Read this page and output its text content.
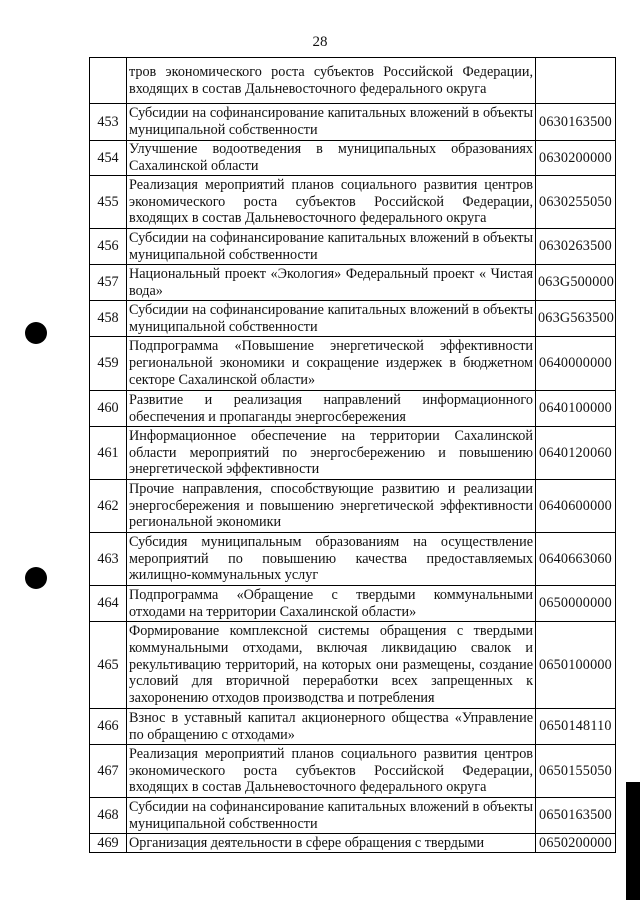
28
	тров экономического роста субъектов Российской Федерации, входящих в состав Дальневосточного федерального округа	
453	Субсидии на софинансирование капитальных вложений в объекты муниципальной собственности	0630163500
454	Улучшение водоотведения в муниципальных образованиях Сахалинской области	0630200000
455	Реализация мероприятий планов социального развития центров экономического роста субъектов Российской Федерации, входящих в состав Дальневосточного федерального округа	0630255050
456	Субсидии на софинансирование капитальных вложений в объекты муниципальной собственности	0630263500
457	Национальный проект «Экология» Федеральный проект « Чистая вода»	063G500000
458	Субсидии на софинансирование капитальных вложений в объекты муниципальной собственности	063G563500
459	Подпрограмма «Повышение энергетической эффективности региональной экономики и сокращение издержек в бюджетном секторе Сахалинской области»	0640000000
460	Развитие и реализация направлений информационного обеспечения и пропаганды энергосбережения	0640100000
461	Информационное обеспечение на территории Сахалинской области мероприятий по энергосбережению и повышению энергетической эффективности	0640120060
462	Прочие направления, способствующие развитию и реализации энергосбережения и повышению энергетической эффективности региональной экономики	0640600000
463	Субсидия муниципальным образованиям на осуществление мероприятий по повышению качества предоставляемых жилищно-коммунальных услуг	0640663060
464	Подпрограмма «Обращение с твердыми коммунальными отходами на территории Сахалинской области»	0650000000
465	Формирование комплексной системы обращения с твердыми коммунальными отходами, включая ликвидацию свалок и рекультивацию территорий, на которых они размещены, создание условий для вторичной переработки всех запрещенных к захоронению отходов производства и потребления	0650100000
466	Взнос в уставный капитал акционерного общества «Управление по обращению с отходами»	0650148110
467	Реализация мероприятий планов социального развития центров экономического роста субъектов Российской Федерации, входящих в состав Дальневосточного федерального округа	0650155050
468	Субсидии на софинансирование капитальных вложений в объекты муниципальной собственности	0650163500
469	Организация деятельности в сфере обращения с твердыми	0650200000
